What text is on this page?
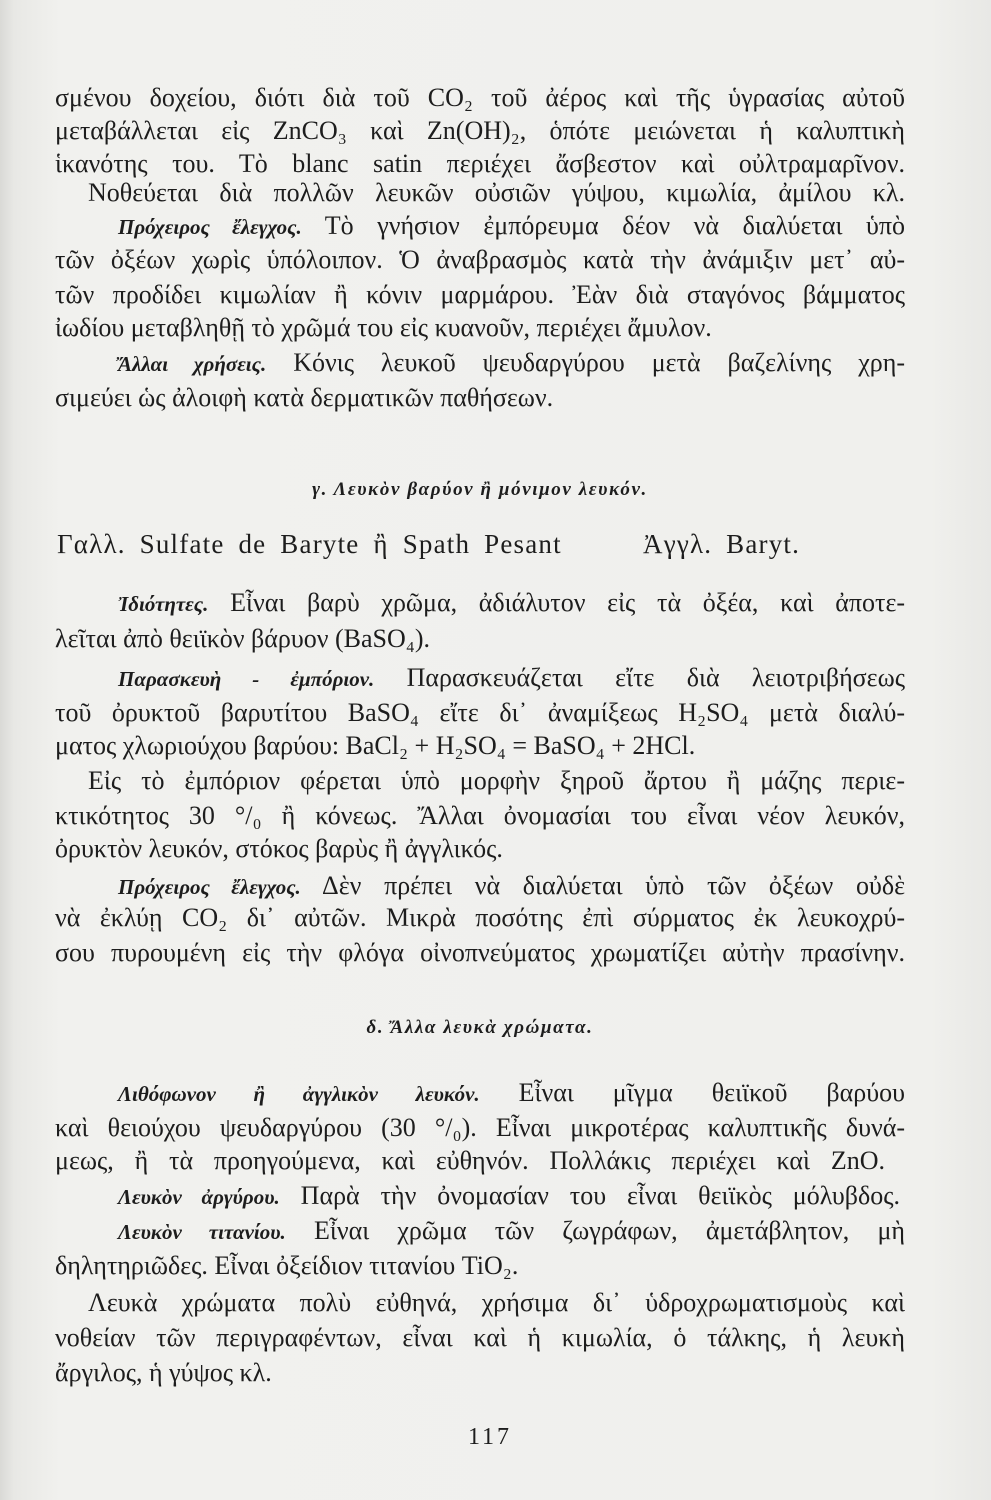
σμένου δοχείου, διότι διὰ τοῦ CO₂ τοῦ ἀέρος καὶ τῆς ὑγρασίας αὐτοῦ
μεταβάλλεται εἰς ZnCO₃ καὶ Zn(OH)₂, ὁπότε μειώνεται ἡ καλυπτικὴ
ἱκανότης του. Τὸ blanc satin περιέχει ἄσβεστον καὶ οὐλτραμαρῖνον.
Νοθεύεται διὰ πολλῶν λευκῶν οὐσιῶν γύψου, κιμωλία, ἀμίλου κλ.
Πρόχειρος ἔλεγχος. Τὸ γνήσιον ἐμπόρευμα δέον νὰ διαλύεται ὑπὸ
τῶν ὀξέων χωρὶς ὑπόλοιπον. Ὁ ἀναβρασμὸς κατὰ τὴν ἀνάμιξιν μετ᾽ αὐ-
τῶν προδίδει κιμωλίαν ἢ κόνιν μαρμάρου. Ἐὰν διὰ σταγόνος βάμματος
ἰωδίου μεταβληθῇ τὸ χρῶμά του εἰς κυανοῦν, περιέχει ἄμυλον.
Ἄλλαι χρήσεις. Κόνις λευκοῦ ψευδαργύρου μετὰ βαζελίνης χρη-
σιμεύει ὡς ἀλοιφὴ κατὰ δερματικῶν παθήσεων.
γ. Λευκὸν βαρύον ἢ μόνιμον λευκόν.
Γαλλ. Sulfate de Baryte ἢ Spath Pesant	Ἀγγλ. Baryt.
Ἰδιότητες. Εἶναι βαρὺ χρῶμα, ἀδιάλυτον εἰς τὰ ὀξέα, καὶ ἀποτε-
λεῖται ἀπὸ θειϊκὸν βάρυον (BaSO₄).
Παρασκευὴ - ἐμπόριον. Παρασκευάζεται εἴτε διὰ λειοτριβήσεως
τοῦ ὀρυκτοῦ βαρυτίτου BaSO₄ εἴτε δι᾽ ἀναμίξεως H₂SO₄ μετὰ διαλύ-
ματος χλωριούχου βαρύου: BaCl₂ + H₂SO₄ = BaSO₄ + 2HCl.
Εἰς τὸ ἐμπόριον φέρεται ὑπὸ μορφὴν ξηροῦ ἄρτου ἢ μάζης περιε-
κτικότητος 30 °/₀ ἢ κόνεως. Ἄλλαι ὀνομασίαι του εἶναι νέον λευκόν,
ὀρυκτὸν λευκόν, στόκος βαρὺς ἢ ἀγγλικός.
Πρόχειρος ἔλεγχος. Δὲν πρέπει νὰ διαλύεται ὑπὸ τῶν ὀξέων οὐδὲ
νὰ ἐκλύῃ CO₂ δι᾽ αὐτῶν. Μικρὰ ποσότης ἐπὶ σύρματος ἐκ λευκοχρύ-
σου πυρουμένη εἰς τὴν φλόγα οἰνοπνεύματος χρωματίζει αὐτὴν πρασίνην.
δ. Ἄλλα λευκὰ χρώματα.
Λιθόφωνον ἢ ἀγγλικὸν λευκόν. Εἶναι μῖγμα θειϊκοῦ βαρύου
καὶ θειούχου ψευδαργύρου (30 °/₀). Εἶναι μικροτέρας καλυπτικῆς δυνά-
μεως, ἢ τὰ προηγούμενα, καὶ εὐθηνόν. Πολλάκις περιέχει καὶ ZnO.
Λευκὸν ἀργύρου. Παρὰ τὴν ὀνομασίαν του εἶναι θειϊκὸς μόλυβδος.
Λευκὸν τιτανίου. Εἶναι χρῶμα τῶν ζωγράφων, ἀμετάβλητον, μὴ
δηλητηριῶδες. Εἶναι ὀξείδιον τιτανίου TiO₂.
Λευκὰ χρώματα πολὺ εὐθηνά, χρήσιμα δι᾽ ὑδροχρωματισμοὺς καὶ
νοθείαν τῶν περιγραφέντων, εἶναι καὶ ἡ κιμωλία, ὁ τάλκης, ἡ λευκὴ
ἄργιλος, ἡ γύψος κλ.
117
